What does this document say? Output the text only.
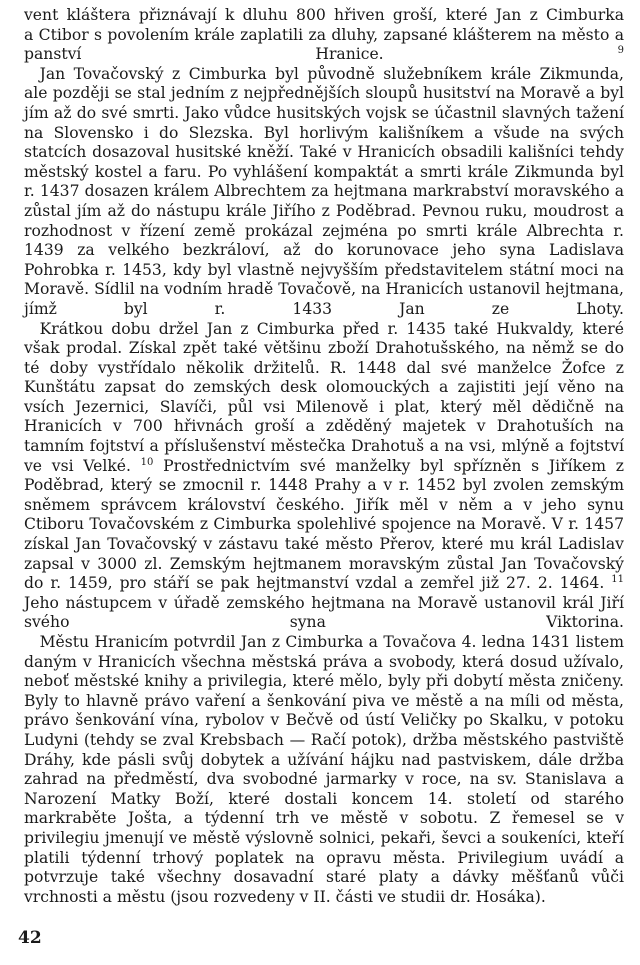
vent kláštera přiznávají k dluhu 800 hřiven groší, které Jan z Cimburka
a Ctibor s povolením krále zaplatili za dluhy, zapsané klášterem na město a panství Hranice.	$^9$

 Jan Tovačovský z Cimburka byl původně služebníkem krále Zikmunda, ale později se stal jedním z nejpřednějších sloupů husitství na Moravě a byl jím až do své smrti. Jako vůdce husitských vojsk se účastnil slavných tažení na Slovensko i do Slezska. Byl horlivým kališníkem a všude na svých statcích dosazoval husitské kněží. Také v Hranicích obsadili kališníci tehdy městský kostel a faru. Po vyhlášení kompaktát a smrti krále Zikmunda byl r. 1437 dosazen králem Albrechtem za hejtmana markrabství moravského a zůstal jím až do nástupu krále Jiřího z Poděbrad. Pevnou ruku, moudrost a rozhodnost v řízení země prokázal zejména po smrti krále Albrechta r. 1439 za velkého bezkráloví, až do korunovace jeho syna Ladislava Pohrobka r. 1453, kdy byl vlastně nejvyšším představitelem státní moci na Moravě. Sídlil na vodním hradě Tovačově, na Hranicích ustanovil hejtmana, jímž byl r. 1433 Jan ze Lhoty.

 Krátkou dobu držel Jan z Cimburka před r. 1435 také Hukvaldy, které však prodal. Získal zpět také většinu zboží Drahotušského, na němž se do té doby vystřídalo několik držitelů. R. 1448 dal své manželce Žofce z Kunštátu zapsat do zemských desk olomouckých a zajistiti její věno na vsích Jezernici, Slavíči, půl vsi Milenově i plat, který měl dědičně na Hranicích v 700 hřivnách groší a zděděný majetek v Drahotuších na tamním fojtství a příslušenství městečka Drahotuš a na vsi, mlýně a fojtství ve vsi Velké. $^{10}$ Prostřednictvím své manželky byl spřízněn s Jiříkem z Poděbrad, který se zmocnil r. 1448 Prahy a v r. 1452 byl zvolen zemským sněmem správcem království českého. Jiřík měl v něm a v jeho synu Ctiboru Tovačovském z Cimburka spolehlivé spojence na Moravě. V r. 1457 získal Jan Tovačovský v zástavu také město Přerov, které mu král Ladislav zapsal v 3000 zl. Zemským hejtmanem moravským zůstal Jan Tovačovský do r. 1459, pro stáří se pak hejtmanství vzdal a zemřel již 27. 2. 1464. $^{11}$ Jeho nástupcem v úřadě zemského hejtmana na Moravě ustanovil král Jiří svého syna Viktorina.

 Městu Hranicím potvrdil Jan z Cimburka a Tovačova 4. ledna 1431 listem daným v Hranicích všechna městská práva a svobody, která dosud užívalo, neboť městské knihy a privilegia, které mělo, byly při dobytí města zničeny. Byly to hlavně právo vaření a šenkování piva ve městě a na míli od města, právo šenkování vína, rybolov v Bečvě od ústí Veličky po Skalku, v potoku Ludyni (tehdy se zval Krebsbach — Račí potok), držba městského pastviště Dráhy, kde pásli svůj dobytek a užívání hájku nad pastviskem, dále držba zahrad na předměstí, dva svobodné jarmarky v roce, na sv. Stanislava a Narození Matky Boží, které dostali koncem 14. století od starého markraběte Jošta, a týdenní trh ve městě v sobotu. Z řemesel se v privilegiu jmenují ve městě výslovně solnici, pekaři, ševci a soukeníci, kteří platili týdenní trhový poplatek na opravu města. Privilegium uvádí a potvrzuje také všechny dosavadní staré platy a dávky měšťanů vůči vrchnosti a městu (jsou rozvedeny v II. části ve studii dr. Hosáka).

42
